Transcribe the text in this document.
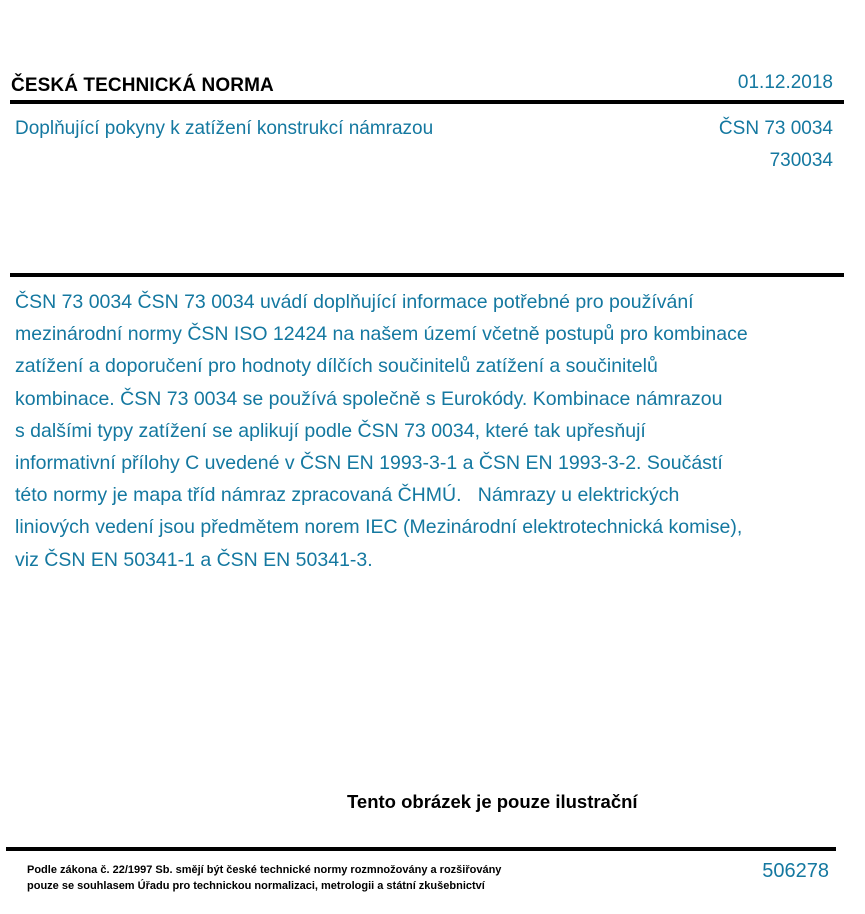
ČESKÁ TECHNICKÁ NORMA	01.12.2018
Doplňující pokyny k zatížení konstrukcí námrazou	ČSN 73 0034
730034
ČSN 73 0034 ČSN 73 0034 uvádí doplňující informace potřebné pro používání
mezinárodní normy ČSN ISO 12424 na našem území včetně postupů pro kombinace
zatížení a doporučení pro hodnoty dílčích součinitelů zatížení a součinitelů
kombinace. ČSN 73 0034 se používá společně s Eurokódy. Kombinace námrazou
s dalšími typy zatížení se aplikují podle ČSN 73 0034, které tak upřesňují
informativní přílohy C uvedené v ČSN EN 1993-3-1 a ČSN EN 1993-3-2. Součástí
této normy je mapa tříd námraz zpracovaná ČHMÚ.   Námrazy u elektrických
liniových vedení jsou předmětem norem IEC (Mezinárodní elektrotechnická komise),
viz ČSN EN 50341-1 a ČSN EN 50341-3.
Tento obrázek je pouze ilustrační
Podle zákona č. 22/1997 Sb. smějí být české technické normy rozmnožovány a rozšiřovány
pouze se souhlasem Úřadu pro technickou normalizaci, metrologii a státní zkušebnictví
506278
